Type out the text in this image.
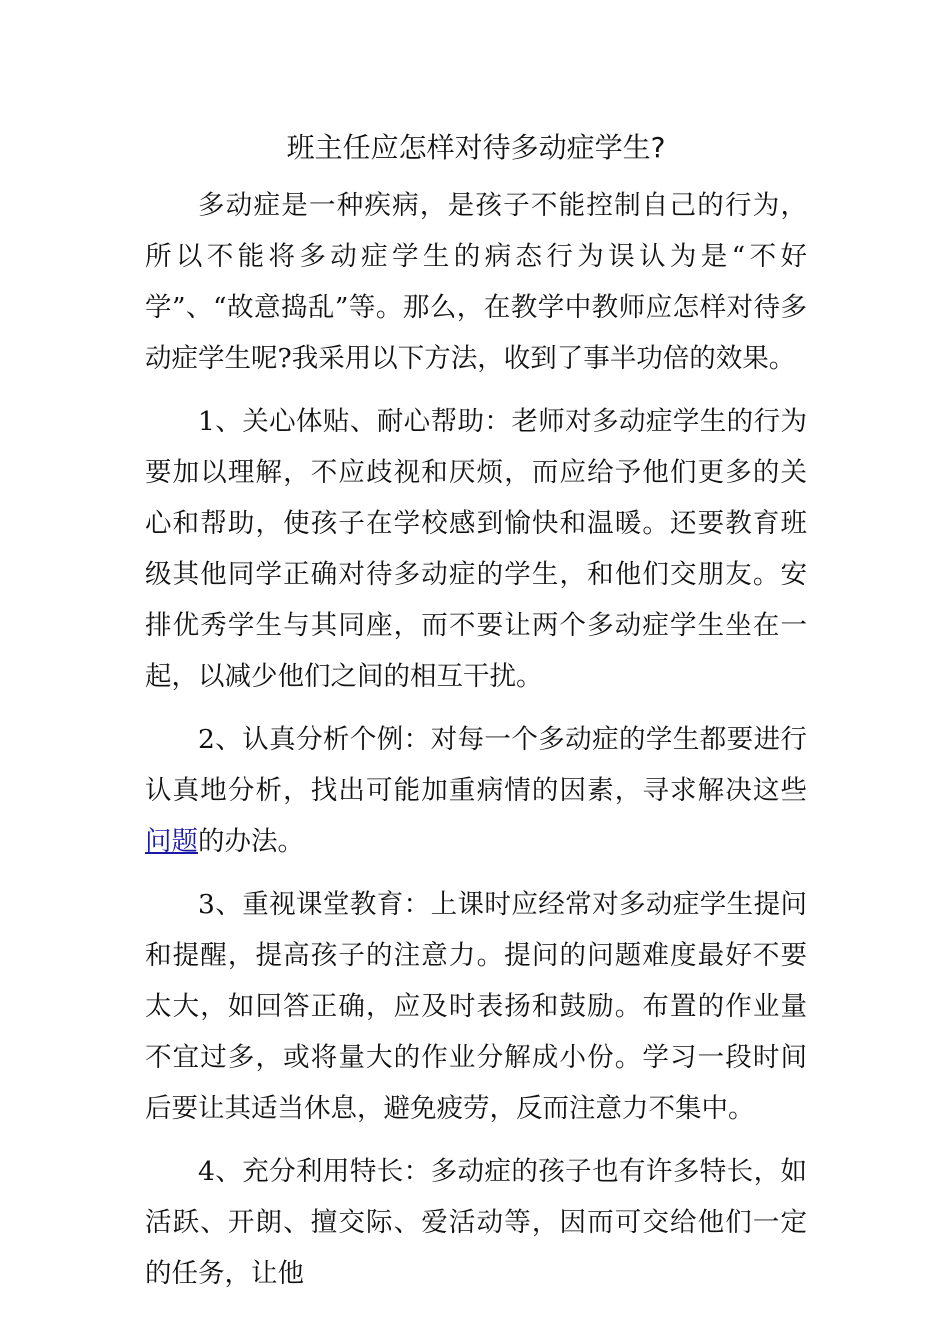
班主任应怎样对待多动症学生?

多动症是一种疾病，是孩子不能控制自己的行为，所以不能将多动症学生的病态行为误认为是“不好学”、“故意捣乱”等。那么，在教学中教师应怎样对待多动症学生呢?我采用以下方法，收到了事半功倍的效果。

1、关心体贴、耐心帮助：老师对多动症学生的行为要加以理解，不应歧视和厌烦，而应给予他们更多的关心和帮助，使孩子在学校感到愉快和温暖。还要教育班级其他同学正确对待多动症的学生，和他们交朋友。安排优秀学生与其同座，而不要让两个多动症学生坐在一起，以减少他们之间的相互干扰。

2、认真分析个例：对每一个多动症的学生都要进行认真地分析，找出可能加重病情的因素，寻求解决这些问题的办法。

3、重视课堂教育：上课时应经常对多动症学生提问和提醒，提高孩子的注意力。提问的问题难度最好不要太大，如回答正确，应及时表扬和鼓励。布置的作业量不宜过多，或将量大的作业分解成小份。学习一段时间后要让其适当休息，避免疲劳，反而注意力不集中。

4、充分利用特长：多动症的孩子也有许多特长，如活跃、开朗、擅交际、爱活动等，因而可交给他们一定的任务，让他
